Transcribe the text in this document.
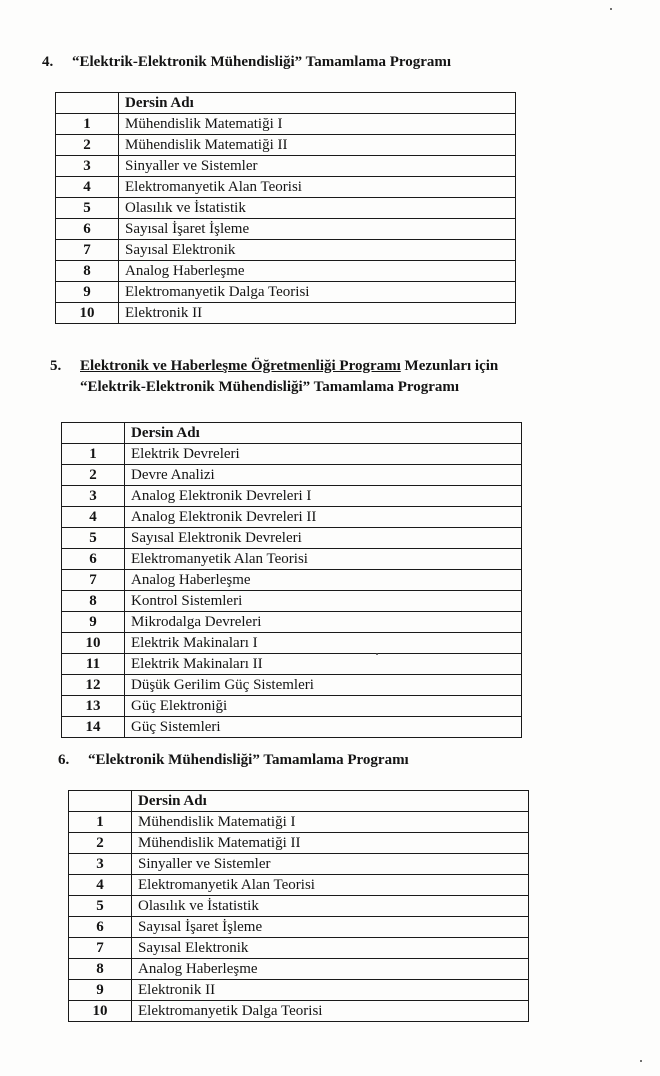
4. “Elektrik-Elektronik Mühendisliği” Tamamlama Programı
	Dersin Adı
1	Mühendislik Matematiği I
2	Mühendislik Matematiği II
3	Sinyaller ve Sistemler
4	Elektromanyetik Alan Teorisi
5	Olasılık ve İstatistik
6	Sayısal İşaret İşleme
7	Sayısal Elektronik
8	Analog Haberleşme
9	Elektromanyetik Dalga Teorisi
10	Elektronik II
5. Elektronik ve Haberleşme Öğretmenliği Programı Mezunları için
“Elektrik-Elektronik Mühendisliği” Tamamlama Programı
	Dersin Adı
1	Elektrik Devreleri
2	Devre Analizi
3	Analog Elektronik Devreleri I
4	Analog Elektronik Devreleri II
5	Sayısal Elektronik Devreleri
6	Elektromanyetik Alan Teorisi
7	Analog Haberleşme
8	Kontrol Sistemleri
9	Mikrodalga Devreleri
10	Elektrik Makinaları I
11	Elektrik Makinaları II
12	Düşük Gerilim Güç Sistemleri
13	Güç Elektroniği
14	Güç Sistemleri
6. “Elektronik Mühendisliği” Tamamlama Programı
	Dersin Adı
1	Mühendislik Matematiği I
2	Mühendislik Matematiği II
3	Sinyaller ve Sistemler
4	Elektromanyetik Alan Teorisi
5	Olasılık ve İstatistik
6	Sayısal İşaret İşleme
7	Sayısal Elektronik
8	Analog Haberleşme
9	Elektronik II
10	Elektromanyetik Dalga Teorisi
